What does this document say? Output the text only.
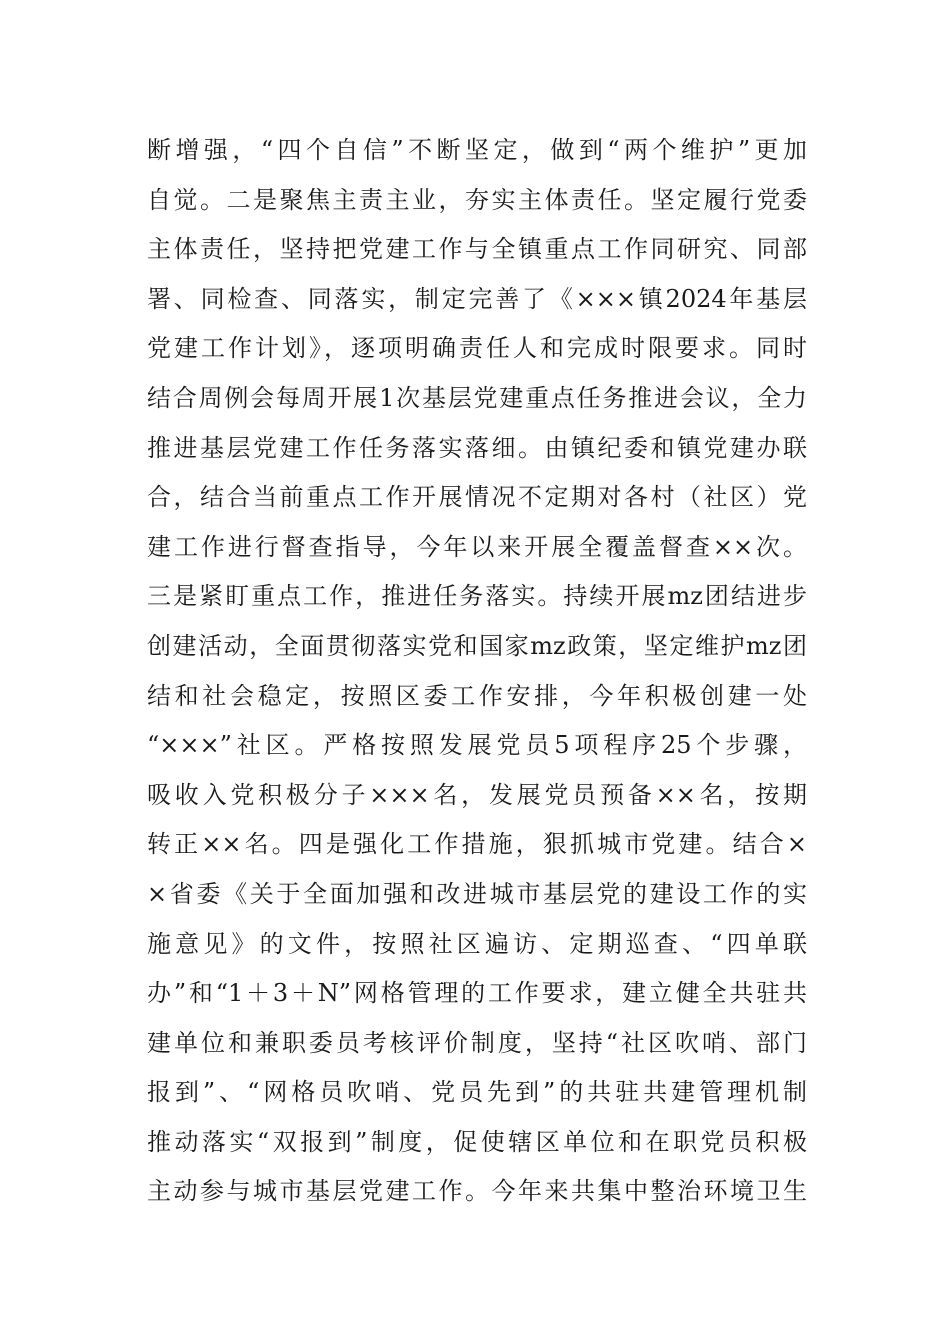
断增强，“四个自信”不断坚定，做到“两个维护”更加
自觉。二是聚焦主责主业，夯实主体责任。坚定履行党委
主体责任，坚持把党建工作与全镇重点工作同研究、同部
署、同检查、同落实，制定完善了《×××镇2024年基层
党建工作计划》，逐项明确责任人和完成时限要求。同时
结合周例会每周开展1次基层党建重点任务推进会议，全力
推进基层党建工作任务落实落细。由镇纪委和镇党建办联
合，结合当前重点工作开展情况不定期对各村（社区）党
建工作进行督查指导，今年以来开展全覆盖督查××次。
三是紧盯重点工作，推进任务落实。持续开展mz团结进步
创建活动，全面贯彻落实党和国家mz政策，坚定维护mz团
结和社会稳定，按照区委工作安排，今年积极创建一处
“×××”社区。严格按照发展党员5项程序25个步骤，
吸收入党积极分子×××名，发展党员预备××名，按期
转正××名。四是强化工作措施，狠抓城市党建。结合×
×省委《关于全面加强和改进城市基层党的建设工作的实
施意见》的文件，按照社区遍访、定期巡查、“四单联
办”和“1＋3＋N”网格管理的工作要求，建立健全共驻共
建单位和兼职委员考核评价制度，坚持“社区吹哨、部门
报到”、“网格员吹哨、党员先到”的共驻共建管理机制
推动落实“双报到”制度，促使辖区单位和在职党员积极
主动参与城市基层党建工作。今年来共集中整治环境卫生
